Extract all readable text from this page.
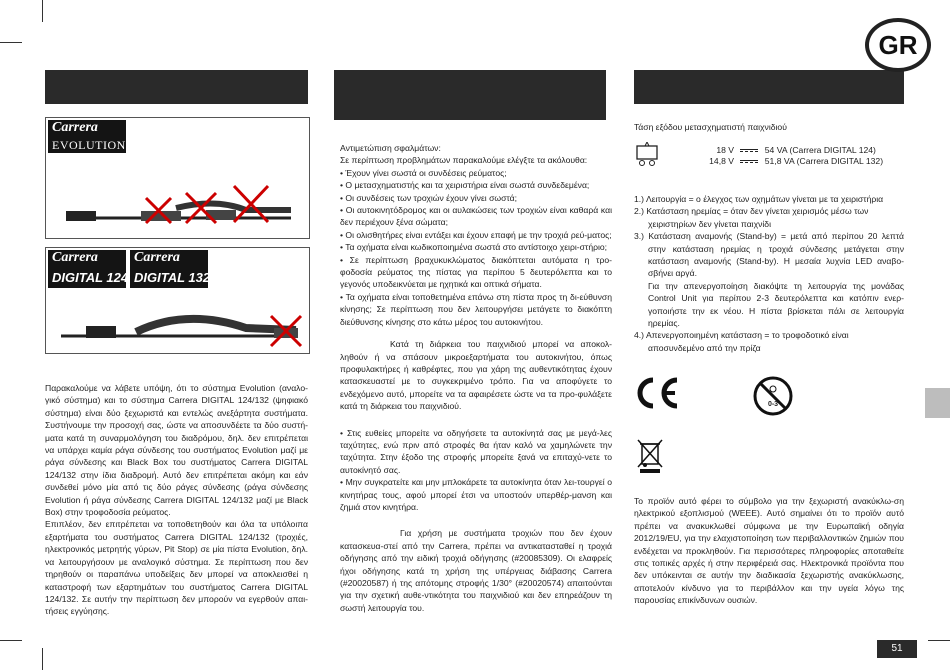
GR
Carrera
EVOLUTION
Carrera
DIGITAL 124
Carrera
DIGITAL 132

Παρακαλούμε να λάβετε υπόψη, ότι το σύστημα Evolution (αναλο-γικό σύστημα) και το σύστημα Carrera DIGITAL 124/132 (ψηφιακό σύστημα) είναι δύο ξεχωριστά και εντελώς ανεξάρτητα συστήματα. Συστήνουμε την προσοχή σας, ώστε να αποσυνδέετε τα δύο συστή-ματα κατά τη συναρμολόγηση του διαδρόμου, δηλ. δεν επιτρέπεται να υπάρχει καμία ράγα σύνδεσης του συστήματος Evolution μαζί με ράγα σύνδεσης και Black Box του συστήματος Carrera DIGITAL 124/132 στην ίδια διαδρομή. Αυτό δεν επιτρέπεται ακόμη και εάν συνδεθεί μόνο μία από τις δύο ράγες σύνδεσης (ράγα σύνδεσης Evolution ή ράγα σύνδεσης Carrera DIGITAL 124/132 μαζί με Black Box) στην τροφοδοσία ρεύματος.

Επιπλέον, δεν επιτρέπεται να τοποθετηθούν και όλα τα υπόλοιπα εξαρτήματα του συστήματος Carrera DIGITAL 124/132 (τροχιές, ηλεκτρονικός μετρητής γύρων, Pit Stop) σε μία πίστα Evolution, δηλ. να λειτουργήσουν με αναλογικό σύστημα. Σε περίπτωση που δεν τηρηθούν οι παραπάνω υποδείξεις δεν μπορεί να αποκλεισθεί η καταστροφή των εξαρτημάτων του συστήματος Carrera DIGITAL 124/132. Σε αυτήν την περίπτωση δεν μπορούν να εγερθούν απαι-τήσεις εγγύησης.

Αντιμετώπιση σφαλμάτων:

Σε περίπτωση προβλημάτων παρακαλούμε ελέγξτε τα ακόλουθα:

• Έχουν γίνει σωστά οι συνδέσεις ρεύματος;

• Ο μετασχηματιστής και τα χειριστήρια είναι σωστά συνδεδεμένα;

• Οι συνδέσεις των τροχιών έχουν γίνει σωστά;

• Οι αυτοκινητόδρομος και οι αυλακώσεις των τροχιών είναι καθαρά και δεν περιέχουν ξένα σώματα;

• Οι ολισθητήρες είναι εντάξει και έχουν επαφή με την τροχιά ρεύ-ματος;

• Τα οχήματα είναι κωδικοποιημένα σωστά στο αντίστοιχο χειρι-στήριο;

• Σε περίπτωση βραχυκυκλώματος διακόπτεται αυτόματα η τρο-φοδοσία ρεύματος της πίστας για περίπου 5 δευτερόλεπτα και το γεγονός υποδεικνύεται με ηχητικά και οπτικά σήματα.

• Τα οχήματα είναι τοποθετημένα επάνω στη πίστα προς τη δι-εύθυνση κίνησης; Σε περίπτωση που δεν λειτουργήσει μετάγετε το διακόπτη διεύθυνσης κίνησης στο κάτω μέρος του αυτοκινήτου.

Κατά τη διάρκεια του παιχνιδιού μπορεί να αποκολ-ληθούν ή να σπάσουν μικροεξαρτήματα του αυτοκινήτου, όπως προφυλακτήρες ή καθρέφτες, που για χάρη της αυθεντικότητας έχουν κατασκευαστεί με το συγκεκριμένο τρόπο. Για να αποφύγετε το ενδεχόμενο αυτό, μπορείτε να τα αφαιρέσετε ώστε να τα προ-φυλάξετε κατά τη διάρκεια του παιχνιδιού.

• Στις ευθείες μπορείτε να οδηγήσετε τα αυτοκίνητά σας με μεγά-λες ταχύτητες, ενώ πριν από στροφές θα ήταν καλό να χαμηλώνετε την ταχύτητα. Στην έξοδο της στροφής μπορείτε ξανά να επιταχύ-νετε το αυτοκίνητό σας.

• Μην συγκρατείτε και μην μπλοκάρετε τα αυτοκίνητα όταν λει-τουργεί ο κινητήρας τους, αφού μπορεί έτσι να υποστούν υπερθέρ-μανση και ζημιά στον κινητήρα.

Για χρήση με συστήματα τροχιών που δεν έχουν κατασκευα-στεί από την Carrera, πρέπει να αντικατασταθεί η τροχιά οδήγησης από την ειδική τροχιά οδήγησης (#20085309). Οι ελαφρείς ήχοι οδήγησης κατά τη χρήση της υπέργειας διάβασης Carrera (#20020587) ή της απότομης στροφής 1/30° (#20020574) απαιτούνται για την σχετική αυθε-ντικότητα του παιχνιδιού και δεν επηρεάζουν τη σωστή λειτουργία του.

Τάση εξόδου μετασχηματιστή παιχνιδιού
18 V	54 VA (Carrera DIGITAL 124)
14,8 V	51,8 VA (Carrera DIGITAL 132)

1.) Λειτουργία = ο έλεγχος των οχημάτων γίνεται με τα χειριστήρια

2.) Κατάσταση ηρεμίας = όταν δεν γίνεται χειρισμός μέσω των χειριστηρίων δεν γίνεται παιχνίδι

3.) Κατάσταση αναμονής (Stand-by) = μετά από περίπου 20 λεπτά στην κατάσταση ηρεμίας η τροχιά σύνδεσης μετάγεται στην κατάσταση αναμονής (Stand-by). Η μεσαία λυχνία LED αναβο-σβήνει αργά.

Για την απενεργοποίηση διακόψτε τη λειτουργία της μονάδας Control Unit για περίπου 2-3 δευτερόλεπτα και κατόπιν ενερ-γοποιήστε την εκ νέου. Η πίστα βρίσκεται πάλι σε λειτουργία ηρεμίας.

4.) Απενεργοποιημένη κατάσταση = το τροφοδοτικό είναι αποσυνδεμένο από την πρίζα

0-3
Το προϊόν αυτό φέρει το σύμβολο για την ξεχωριστή ανακύκλω-ση ηλεκτρικού εξοπλισμού (WEEE). Αυτό σημαίνει ότι το προϊόν αυτό πρέπει να ανακυκλωθεί σύμφωνα με την Ευρωπαϊκή οδηγία 2012/19/EU, για την ελαχιστοποίηση των περιβαλλοντικών ζημιών που ενδέχεται να προκληθούν. Για περισσότερες πληροφορίες αποταθείτε στις τοπικές αρχές ή στην περιφέρειά σας. Ηλεκτρονικά προϊόντα που δεν υπόκεινται σε αυτήν την διαδικασία ξεχωριστής ανακύκλωσης, αποτελούν κίνδυνο για το περιβάλλον και την υγεία λόγω της παρουσίας επικίνδυνων ουσιών.
51
